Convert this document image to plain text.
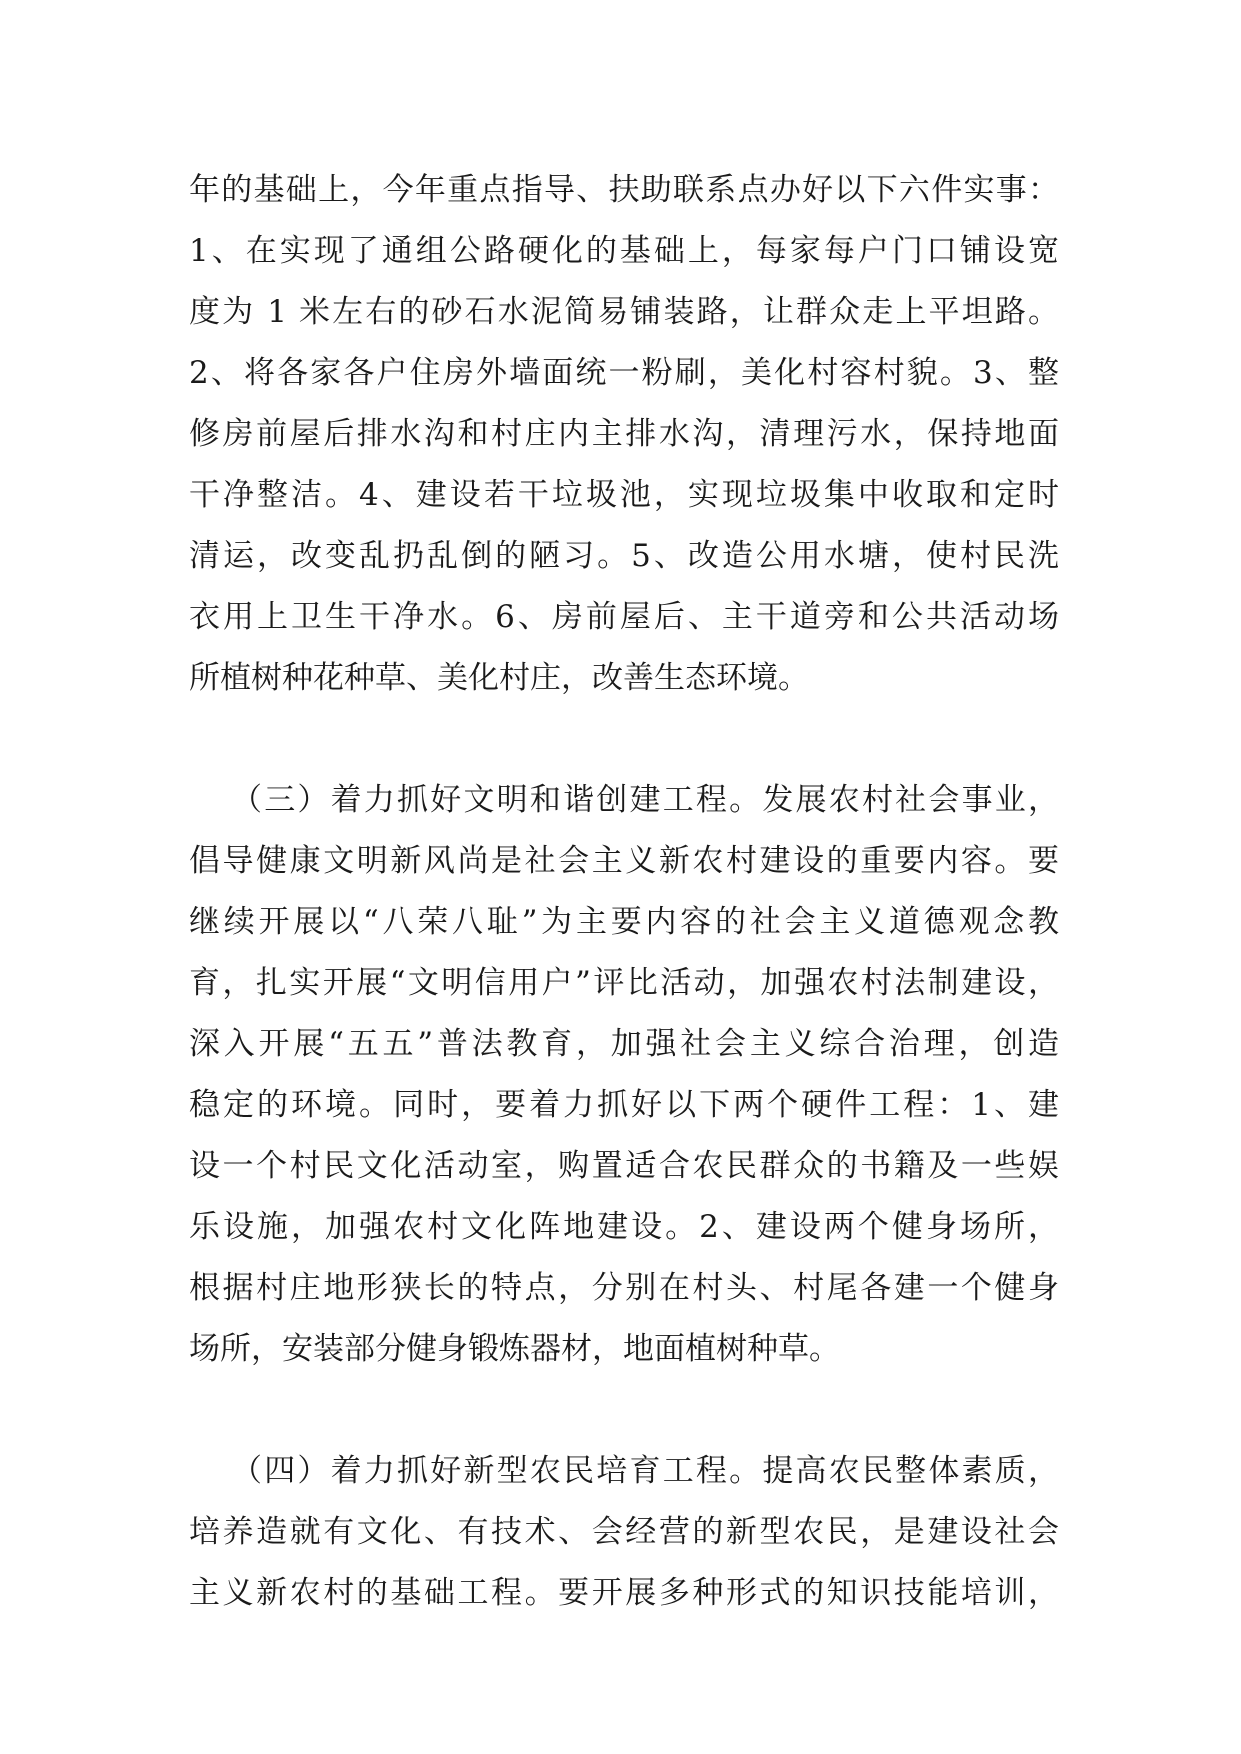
年的基础上，今年重点指导、扶助联系点办好以下六件实事：
1、在实现了通组公路硬化的基础上，每家每户门口铺设宽
度为 1 米左右的砂石水泥简易铺装路，让群众走上平坦路。
2、将各家各户住房外墙面统一粉刷，美化村容村貌。3、整
修房前屋后排水沟和村庄内主排水沟，清理污水，保持地面
干净整洁。4、建设若干垃圾池，实现垃圾集中收取和定时
清运，改变乱扔乱倒的陋习。5、改造公用水塘，使村民洗
衣用上卫生干净水。6、房前屋后、主干道旁和公共活动场
所植树种花种草、美化村庄，改善生态环境。
（三）着力抓好文明和谐创建工程。发展农村社会事业，
倡导健康文明新风尚是社会主义新农村建设的重要内容。要
继续开展以“八荣八耻”为主要内容的社会主义道德观念教
育，扎实开展“文明信用户”评比活动，加强农村法制建设，
深入开展“五五”普法教育，加强社会主义综合治理，创造
稳定的环境。同时，要着力抓好以下两个硬件工程：1、建
设一个村民文化活动室，购置适合农民群众的书籍及一些娱
乐设施，加强农村文化阵地建设。2、建设两个健身场所，
根据村庄地形狭长的特点，分别在村头、村尾各建一个健身
场所，安装部分健身锻炼器材，地面植树种草。
（四）着力抓好新型农民培育工程。提高农民整体素质，
培养造就有文化、有技术、会经营的新型农民，是建设社会
主义新农村的基础工程。要开展多种形式的知识技能培训，
